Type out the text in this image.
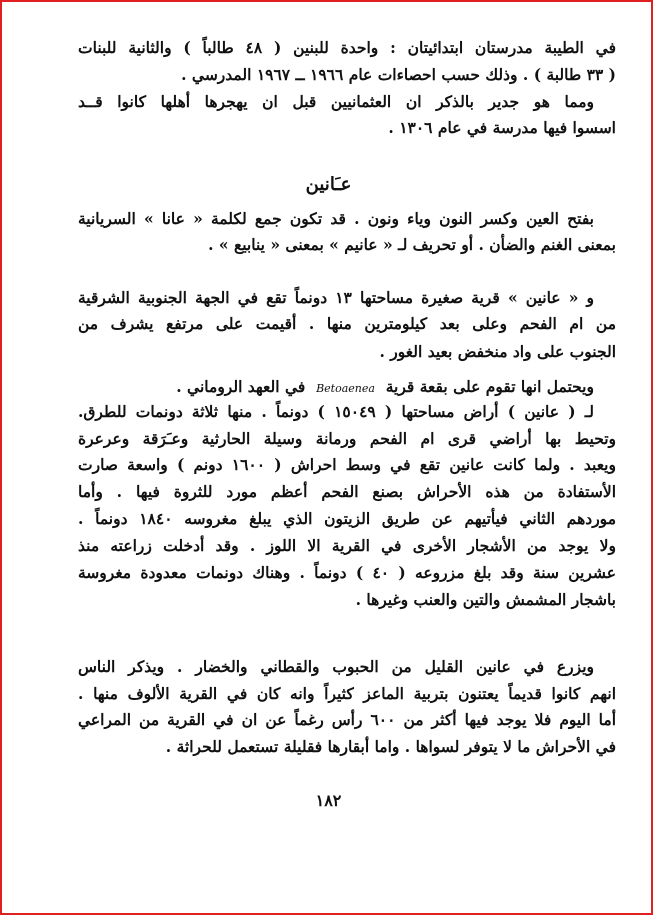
في الطيبة مدرستان ابتدائيتان : واحدة للبنين ( ٤٨ طالباً ) والثانية للبنات
( ٣٣ طالبة ) . وذلك حسب احصاءات عام ١٩٦٦ ــ ١٩٦٧ المدرسي .
ومما هو جدير بالذكر ان العثمانيين قبل ان يهجرها أهلها كانوا قــد
اسسوا فيها مدرسة في عام ١٣٠٦ .
عـَانين
بفتح العين وكسر النون وياء ونون . قد تكون جمع لكلمة « عانا » السريانية
بمعنى الغنم والضأن . أو تحريف لـ « عانيم » بمعنى « ينابيع » .
و « عانين » قرية صغيرة مساحتها ١٣ دونماً تقع في الجهة الجنوبية الشرقية
من ام الفحم وعلى بعد كيلومترين منها . أقيمت على مرتفع يشرف من
الجنوب على واد منخفض بعيد الغور .
ويحتمل انها تقوم على بقعة قرية  Betoaenea  في العهد الروماني .
لـ ( عانين ) أراض مساحتها ( ١٥٠٤٩ ) دونماً . منها ثلاثة دونمات للطرق.
وتحيط بها أراضي قرى ام الفحم ورمانة وسيلة الحارثية وعـَرَقة وعرعرة
ويعبد . ولما كانت عانين تقع في وسط احراش ( ١٦٠٠ دونم ) واسعة صارت
الأستفادة من هذه الأحراش بصنع الفحم أعظم مورد للثروة فيها . وأما
موردهم الثاني فيأتيهم عن طريق الزيتون الذي يبلغ مغروسه ١٨٤٠ دونماً .
ولا يوجد من الأشجار الأخرى في القرية الا اللوز . وقد أدخلت زراعته منذ
عشرين سنة وقد بلغ مزروعه ( ٤٠ ) دونماً . وهناك دونمات معدودة مغروسة
باشجار المشمش والتين والعنب وغيرها .
ويزرع في عانين القليل من الحبوب والقطاني والخضار . ويذكر الناس
انهم كانوا قديماً يعتنون بتربية الماعز كثيراً وانه كان في القرية الألوف منها .
أما اليوم فلا يوجد فيها أكثر من ٦٠٠ رأس رغماً عن ان في القرية من المراعي
في الأحراش ما لا يتوفر لسواها . واما أبقارها فقليلة تستعمل للحراثة .
١٨٢
